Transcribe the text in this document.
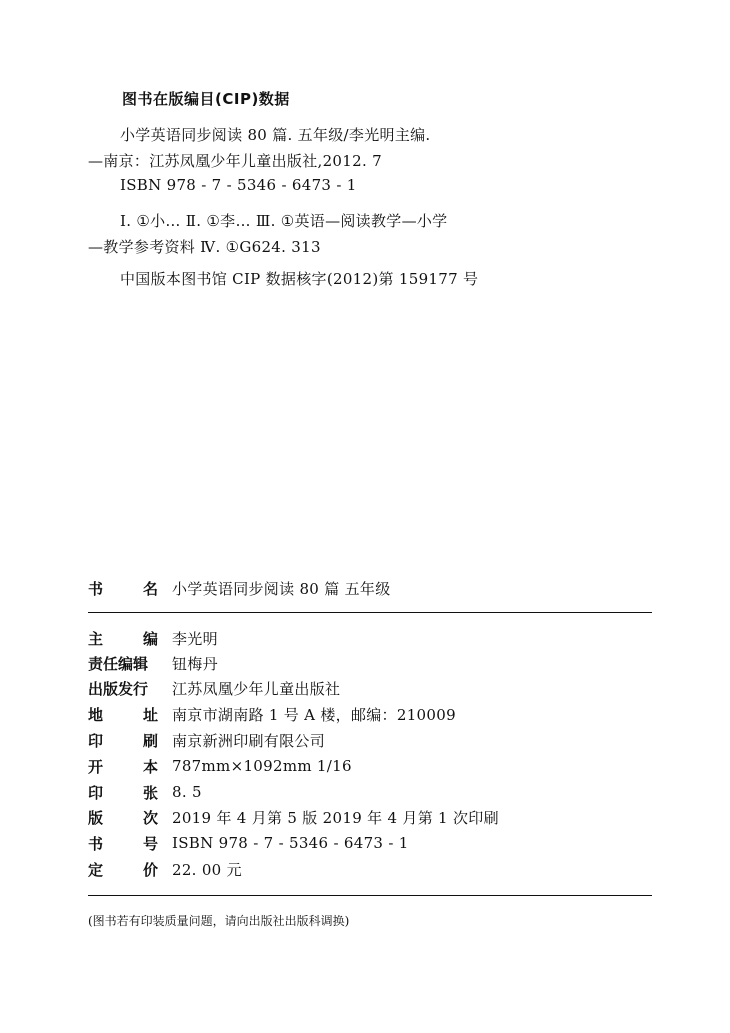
图书在版编目(CIP)数据
小学英语同步阅读 80 篇. 五年级/李光明主编.
—南京：江苏凤凰少年儿童出版社,2012. 7
ISBN 978 - 7 - 5346 - 6473 - 1
Ⅰ. ①小… Ⅱ. ①李… Ⅲ. ①英语—阅读教学—小学
—教学参考资料 Ⅳ. ①G624. 313
中国版本图书馆 CIP 数据核字(2012)第 159177 号
书	名 小学英语同步阅读 80 篇 五年级
主	编 李光明
责任编辑 钮梅丹
出版发行 江苏凤凰少年儿童出版社
地	址 南京市湖南路 1 号 A 楼，邮编：210009
印	刷 南京新洲印刷有限公司
开	本 787mm×1092mm 1/16
印	张 8. 5
版	次 2019 年 4 月第 5 版 2019 年 4 月第 1 次印刷
书	号 ISBN 978 - 7 - 5346 - 6473 - 1
定	价 22. 00 元
(图书若有印装质量问题，请向出版社出版科调换)
